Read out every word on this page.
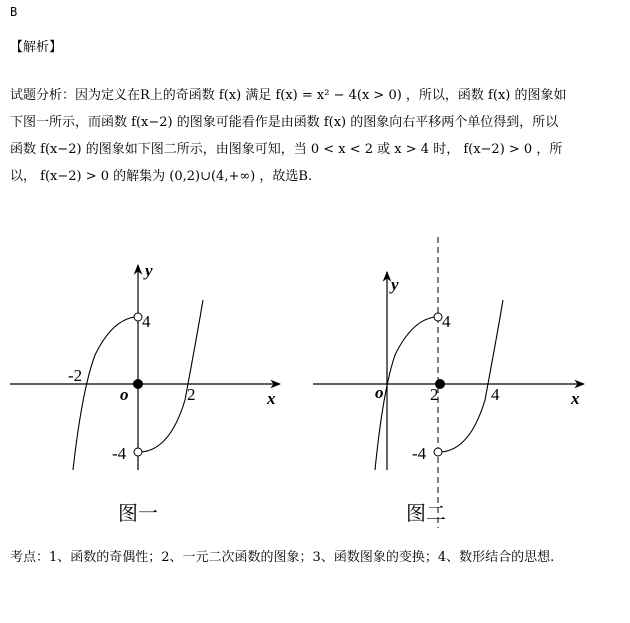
B
【解析】
试题分析：因为定义在R上的奇函数 f(x) 满足 f(x) = x² − 4(x > 0) ，所以，函数 f(x) 的图象如
下图一所示，而函数 f(x−2) 的图象可能看作是由函数 f(x) 的图象向右平移两个单位得到，所以
函数 f(x−2) 的图象如下图二所示，由图象可知，当 0 < x < 2 或 x > 4 时， f(x−2) > 0 ，所
以， f(x−2) > 0 的解集为 (0,2)∪(4,+∞) ，故选B.
y
x
o
-2
2
4
-4
y
x
o	2	4
4
-4
图一	图二
考点：1、函数的奇偶性；2、一元二次函数的图象；3、函数图象的变换；4、数形结合的思想.
